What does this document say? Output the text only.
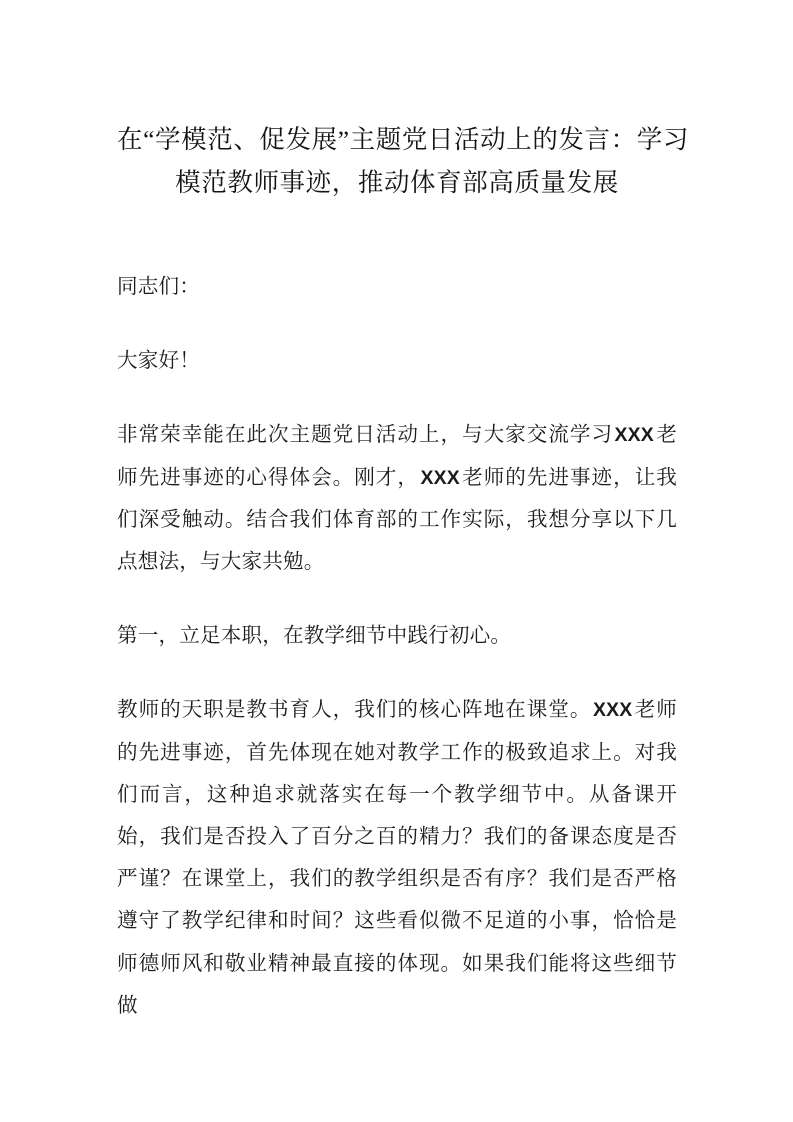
在“学模范、促发展”主题党日活动上的发言：学习
模范教师事迹，推动体育部高质量发展

同志们：

大家好！

非常荣幸能在此次主题党日活动上，与大家交流学习XXX老师先进事迹的心得体会。刚才，XXX老师的先进事迹，让我们深受触动。结合我们体育部的工作实际，我想分享以下几点想法，与大家共勉。

第一，立足本职，在教学细节中践行初心。

教师的天职是教书育人，我们的核心阵地在课堂。XXX老师的先进事迹，首先体现在她对教学工作的极致追求上。对我们而言，这种追求就落实在每一个教学细节中。从备课开始，我们是否投入了百分之百的精力？我们的备课态度是否严谨？在课堂上，我们的教学组织是否有序？我们是否严格遵守了教学纪律和时间？这些看似微不足道的小事，恰恰是师德师风和敬业精神最直接的体现。如果我们能将这些细节做
